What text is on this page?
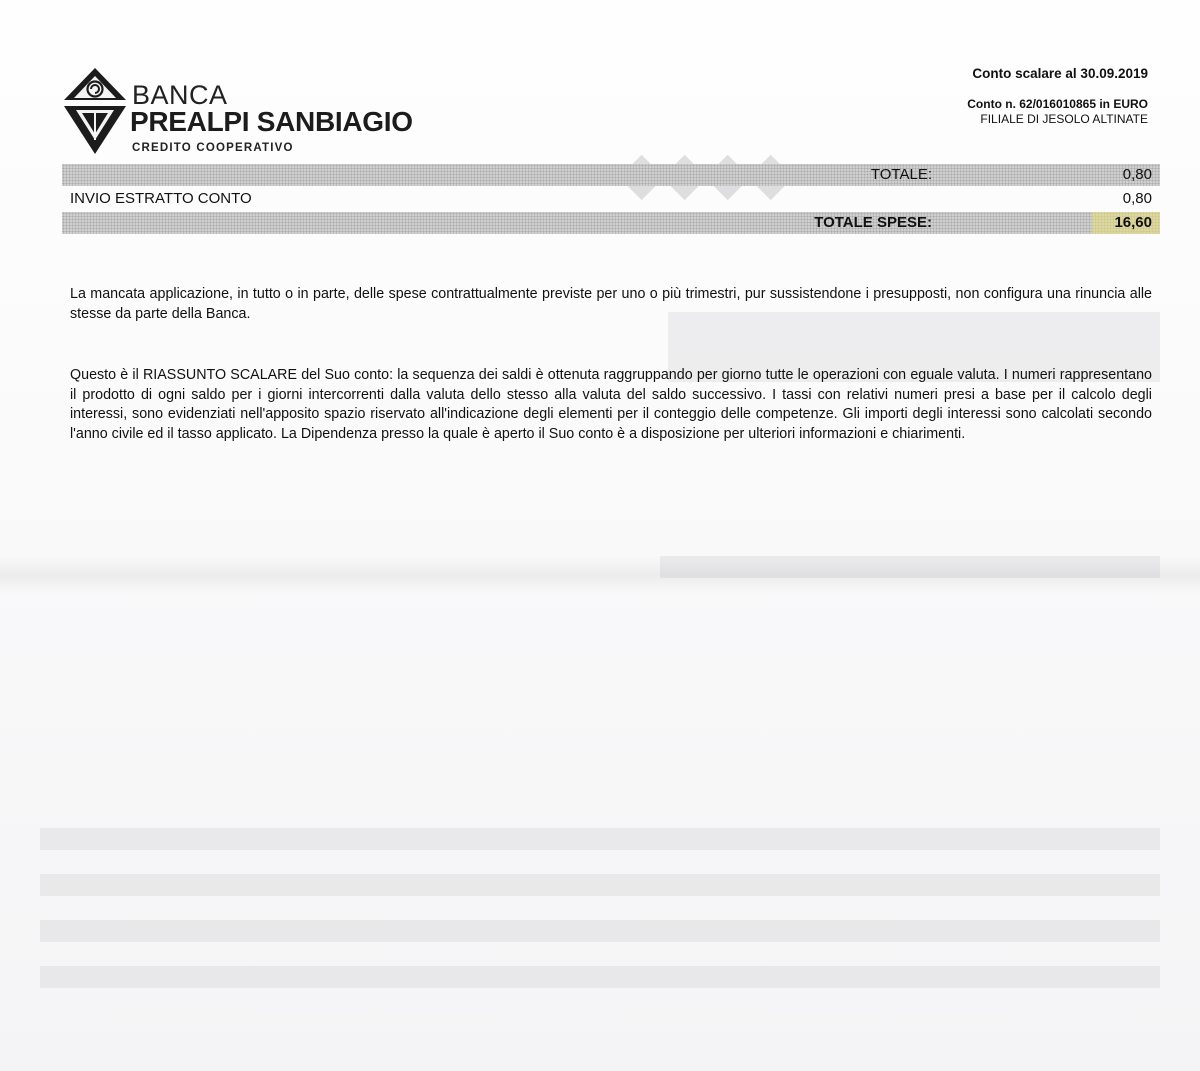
BANCA
PREALPI SANBIAGIO
CREDITO COOPERATIVO
Conto scalare al 30.09.2019
Conto n. 62/016010865 in EURO
FILIALE DI JESOLO ALTINATE
TOTALE:	0,80
INVIO ESTRATTO CONTO	0,80
TOTALE SPESE:	16,60
La mancata applicazione, in tutto o in parte, delle spese contrattualmente previste per uno o più trimestri, pur sussistendone i presupposti, non configura una rinuncia alle stesse da parte della Banca.
Questo è il RIASSUNTO SCALARE del Suo conto: la sequenza dei saldi è ottenuta raggruppando per giorno tutte le operazioni con eguale valuta. I numeri rappresentano il prodotto di ogni saldo per i giorni intercorrenti dalla valuta dello stesso alla valuta del saldo successivo. I tassi con relativi numeri presi a base per il calcolo degli interessi, sono evidenziati nell'apposito spazio riservato all'indicazione degli elementi per il conteggio delle competenze. Gli importi degli interessi sono calcolati secondo l'anno civile ed il tasso applicato. La Dipendenza presso la quale è aperto il Suo conto è a disposizione per ulteriori informazioni e chiarimenti.
